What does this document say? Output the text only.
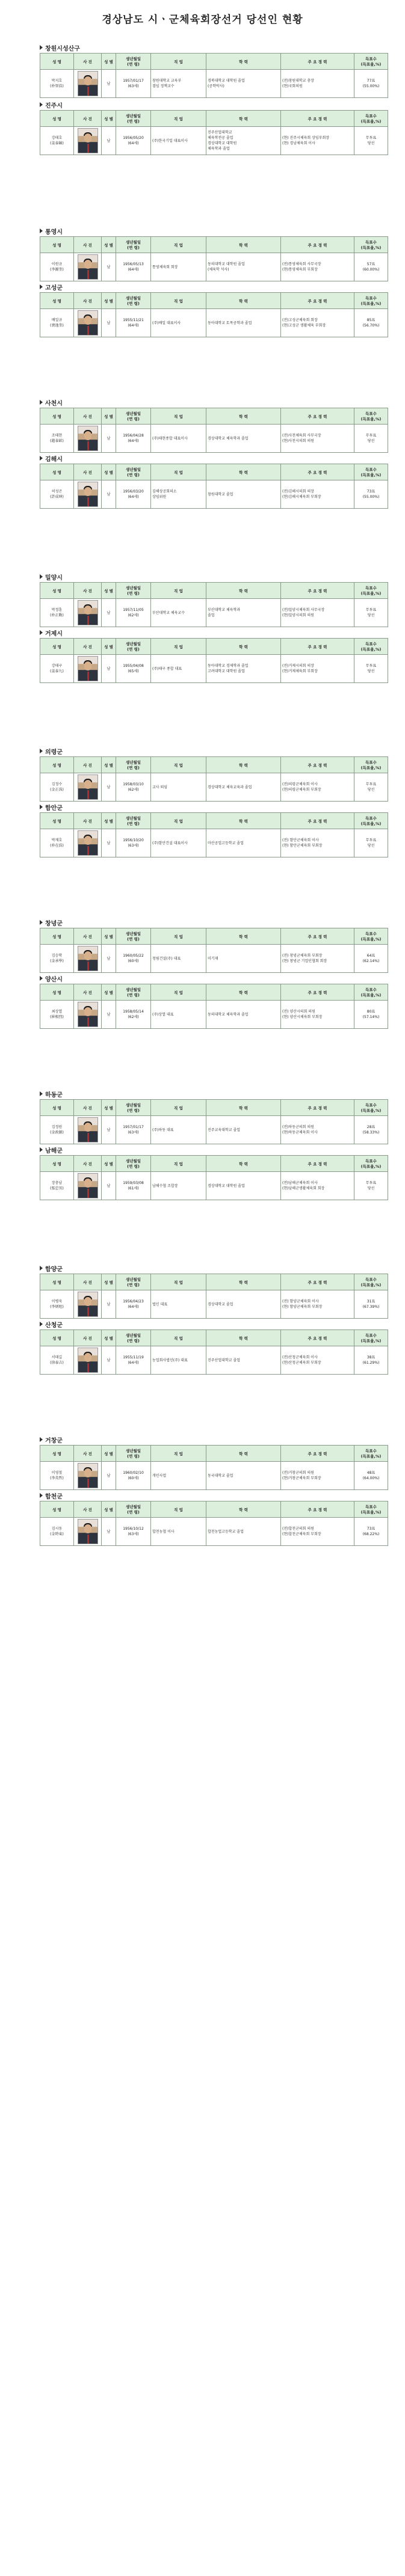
경상남도 시ㆍ군체육회장선거 당선인 현황
창원시성산구
성 명	사 진	성 별	생년월일
(연 령)	직 업	학 력	주 요 경 력	득표수
(득표율,%)
박지호
(朴智浩)		남	1957/01/17
(63세)	창원대학교 교육부
겸임 정책교수	경북대학교 대학원 졸업
(공학박사)	(전)창원대학교 총장
(현)국회의원	77표
(55.00%)
진주시
성 명	사 진	성 별	생년월일
(연 령)	직 업	학 력	주 요 경 력	득표수
(득표율,%)
강태호
(姜泰鎬)		남	1956/05/20
(64세)	(주)한국기업 대표이사	진주산업대학교
체육학전공 졸업
경상대학교 대학원
체육학과 졸업	(현) 진주시체육회 상임부회장
(현) 경남체육회 이사	무투표
당선
통영시
성 명	사 진	성 별	생년월일
(연 령)	직 업	학 력	주 요 경 력	득표수
(득표율,%)
이원규
(李源奎)		남	1956/05/13
(64세)	통영체육회 회장	동의대학교 대학원 졸업
(체육학 석사)	(전)통영체육회 사무국장
(현)통영체육회 부회장	57표
(60.00%)
고성군
성 명	사 진	성 별	생년월일
(연 령)	직 업	학 력	주 요 경 력	득표수
(득표율,%)
배일규
(裵逸奎)		남	1955/11/21
(64세)	(주)배일 대표이사	동아대학교 토목공학과 졸업	(전)고성군체육회 회장
(현)고성군 생활체육 부회장	85표
(56.70%)
사천시
성 명	사 진	성 별	생년월일
(연 령)	직 업	학 력	주 요 경 력	득표수
(득표율,%)
조태현
(趙泰鉉)		남	1956/04/28
(64세)	(주)태현종합 대표이사	경상대학교 체육학과 졸업	(전)사천체육회 사무국장
(현)사천시의회 의원	무투표
당선
김해시
성 명	사 진	성 별	생년월일
(연 령)	직 업	학 력	주 요 경 력	득표수
(득표율,%)
허성곤
(許成坤)		남	1956/03/20
(64세)	김해상공회의소
상임위원	창원대학교 졸업	(전)김해시의회 의장
(현)김해시체육회 부회장	73표
(55.00%)
밀양시
성 명	사 진	성 별	생년월일
(연 령)	직 업	학 력	주 요 경 력	득표수
(득표율,%)
박정훈
(朴正勳)		남	1957/11/05
(62세)	부산대학교 체육교수	부산대학교 체육학과
졸업	(전)밀양시체육회 사무국장
(현)밀양시의회 의원	무투표
당선
거제시
성 명	사 진	성 별	생년월일
(연 령)	직 업	학 력	주 요 경 력	득표수
(득표율,%)
강태구
(姜泰九)		남	1955/04/08
(65세)	(주)태구 종합 대표	동아대학교 경제학과 졸업
고려대학교 대학원 졸업	(전)거제시의회 의장
(현)거제체육회 부회장	무투표
당선
의령군
성 명	사 진	성 별	생년월일
(연 령)	직 업	학 력	주 요 경 력	득표수
(득표율,%)
김정수
(金正洙)		남	1958/03/10
(62세)	교사 퇴임	경상대학교 체육교육과 졸업	(전)의령군체육회 이사
(현)의령군체육회 부회장	무투표
당선
함안군
성 명	사 진	성 별	생년월일
(연 령)	직 업	학 력	주 요 경 력	득표수
(득표율,%)
박재호
(朴在浩)		남	1956/10/20
(63세)	(주)함안건설 대표이사	마산공업고등학교 졸업	(전) 함안군체육회 이사
(현) 함안군체육회 부회장	무투표
당선
창녕군
성 명	사 진	성 별	생년월일
(연 령)	직 업	학 력	주 요 경 력	득표수
(득표율,%)
김승학
(金承學)		남	1960/05/22
(60세)	청림건설(주) 대표	미기재	(전) 창녕군체육회 부회장
(현) 창녕군 기업인협회 회장	64표
(62.14%)
양산시
성 명	사 진	성 별	생년월일
(연 령)	직 업	학 력	주 요 경 력	득표수
(득표율,%)
최상열
(崔相烈)		남	1958/05/14
(62세)	(주)상열 대표	동의대학교 체육학과 졸업	(전) 양산시의회 의원
(현) 양산시체육회 부회장	80표
(57.14%)
하동군
성 명	사 진	성 별	생년월일
(연 령)	직 업	학 력	주 요 경 력	득표수
(득표율,%)
김정원
(金政源)		남	1957/01/17
(63세)	(주)하동 대표	진주교육대학교 졸업	(전)하동군의회 의원
(현)하동군체육회 이사	28표
(58.33%)
남해군
성 명	사 진	성 별	생년월일
(연 령)	직 업	학 력	주 요 경 력	득표수
(득표율,%)
장충남
(張忠男)		남	1959/03/08
(61세)	남해수협 조합장	경상대학교 대학원 졸업	(전)남해군체육회 이사
(현)남해군생활체육회 회장	무투표
당선
함양군
성 명	사 진	성 별	생년월일
(연 령)	직 업	학 력	주 요 경 력	득표수
(득표율,%)
이병욱
(李炳旭)		남	1956/04/23
(64세)	법인 대표	경상대학교 졸업	(전) 함양군체육회 이사
(현) 함양군체육회 부회장	31표
(67.39%)
산청군
성 명	사 진	성 별	생년월일
(연 령)	직 업	학 력	주 요 경 력	득표수
(득표율,%)
서태길
(徐泰吉)		남	1955/11/19
(64세)	농업회사법인(주) 대표	진주산업대학교 졸업	(전)산청군체육회 이사
(현)산청군체육회 부회장	38표
(61.29%)
거창군
성 명	사 진	성 별	생년월일
(연 령)	직 업	학 력	주 요 경 력	득표수
(득표율,%)
이영철
(李英哲)		남	1960/02/10
(60세)	개인사업	동국대학교 졸업	(전)거창군의회 의원
(현)거창군체육회 부회장	48표
(64.00%)
합천군
성 명	사 진	성 별	생년월일
(연 령)	직 업	학 력	주 요 경 력	득표수
(득표율,%)
김시동
(金時東)		남	1956/10/12
(63세)	합천농협 이사	합천농업고등학교 졸업	(전)합천군의회 의원
(현)합천군체육회 부회장	73표
(68.22%)
